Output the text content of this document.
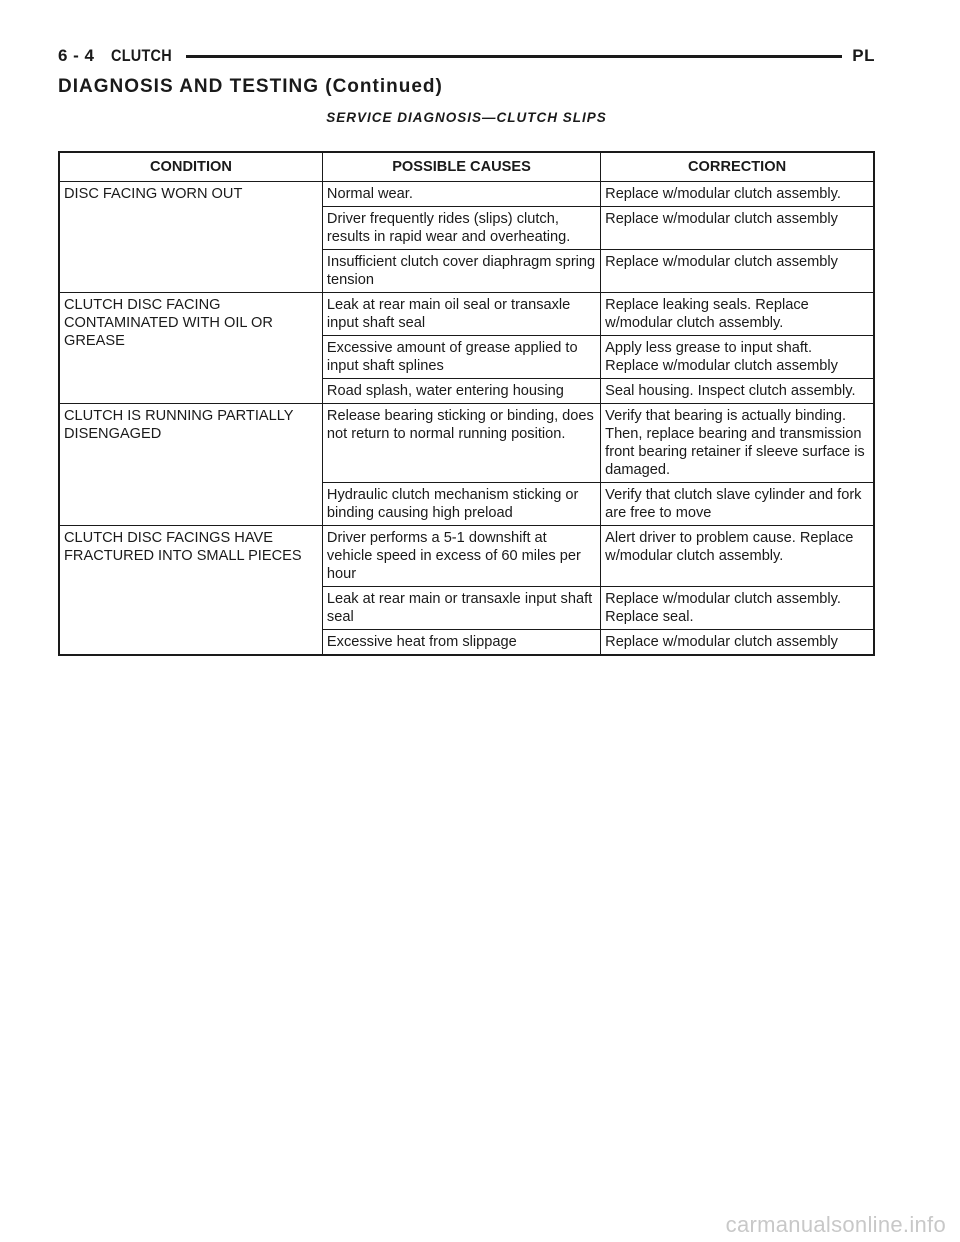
6 - 4 CLUTCH	PL
DIAGNOSIS AND TESTING (Continued)
SERVICE DIAGNOSIS—CLUTCH SLIPS
CONDITION	POSSIBLE CAUSES	CORRECTION
DISC FACING WORN OUT	Normal wear.	Replace w/modular clutch assembly.
	Driver frequently rides (slips) clutch, results in rapid wear and overheating.	Replace w/modular clutch assembly
	Insufficient clutch cover diaphragm spring tension	Replace w/modular clutch assembly
CLUTCH DISC FACING CONTAMINATED WITH OIL OR GREASE	Leak at rear main oil seal or transaxle input shaft seal	Replace leaking seals. Replace w/modular clutch assembly.
	Excessive amount of grease applied to input shaft splines	Apply less grease to input shaft. Replace w/modular clutch assembly
	Road splash, water entering housing	Seal housing. Inspect clutch assembly.
CLUTCH IS RUNNING PARTIALLY DISENGAGED	Release bearing sticking or binding, does not return to normal running position.	Verify that bearing is actually binding. Then, replace bearing and transmission front bearing retainer if sleeve surface is damaged.
	Hydraulic clutch mechanism sticking or binding causing high preload	Verify that clutch slave cylinder and fork are free to move
CLUTCH DISC FACINGS HAVE FRACTURED INTO SMALL PIECES	Driver performs a 5-1 downshift at vehicle speed in excess of 60 miles per hour	Alert driver to problem cause. Replace w/modular clutch assembly.
	Leak at rear main or transaxle input shaft seal	Replace w/modular clutch assembly. Replace seal.
	Excessive heat from slippage	Replace w/modular clutch assembly
carmanualsonline.info
